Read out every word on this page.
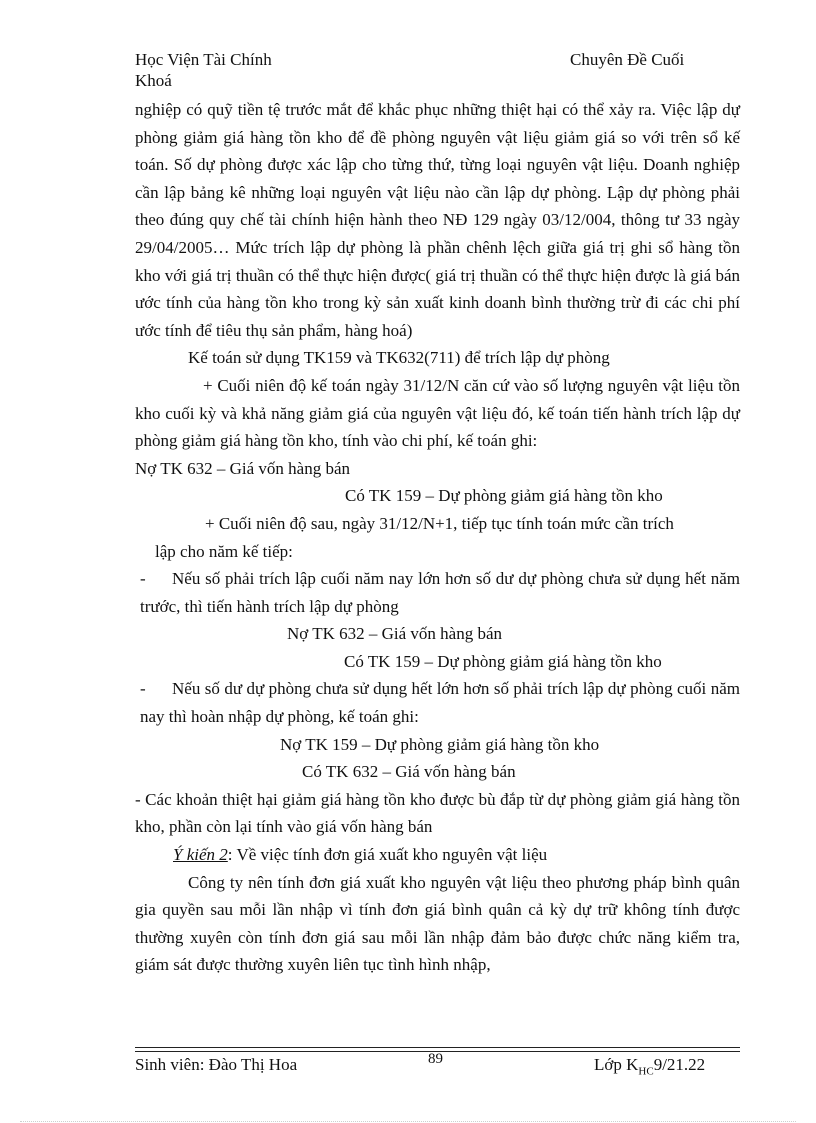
Học Viện Tài Chính
Khoá
Chuyên Đề Cuối

nghiệp có quỹ tiền tệ trước mắt để khắc phục những thiệt hại có thể xảy ra. Việc lập dự phòng giảm giá hàng tồn kho để đề phòng nguyên vật liệu giảm giá so với trên sổ kế toán. Số dự phòng được xác lập cho từng thứ, từng loại nguyên vật liệu. Doanh nghiệp cần lập bảng kê những loại nguyên vật liệu nào cần lập dự phòng. Lập dự phòng phải theo đúng quy chế tài chính hiện hành theo NĐ 129 ngày 03/12/004, thông tư 33 ngày 29/04/2005… Mức trích lập dự phòng là phần chênh lệch giữa giá trị ghi sổ hàng tồn kho với giá trị thuần có thể thực hiện được( giá trị thuần có thể thực hiện được là giá bán ước tính của hàng tồn kho trong kỳ sản xuất kinh doanh bình thường trừ đi các chi phí ước tính để tiêu thụ sản phẩm, hàng hoá)

Kế toán sử dụng TK159 và TK632(711) để trích lập dự phòng

+ Cuối niên độ kế toán ngày 31/12/N căn cứ vào số lượng nguyên vật liệu tồn kho cuối kỳ và khả năng giảm giá của nguyên vật liệu đó, kế toán tiến hành trích lập dự phòng giảm giá hàng tồn kho, tính vào chi phí, kế toán ghi:

Nợ TK 632 – Giá vốn hàng bán

Có TK 159 – Dự phòng giảm giá hàng tồn kho

+ Cuối niên độ sau, ngày 31/12/N+1, tiếp tục tính toán mức cần trích

lập cho năm kế tiếp:

- Nếu số phải trích lập cuối năm nay lớn hơn số dư dự phòng chưa sử dụng hết năm trước, thì tiến hành trích lập dự phòng

Nợ TK 632 – Giá vốn hàng bán

Có TK 159 – Dự phòng giảm giá hàng tồn kho

- Nếu số dư dự phòng chưa sử dụng hết lớn hơn số phải trích lập dự phòng cuối năm nay thì hoàn nhập dự phòng, kế toán ghi:

Nợ TK 159 – Dự phòng giảm giá hàng tồn kho

Có TK 632 – Giá vốn hàng bán

- Các khoản thiệt hại giảm giá hàng tồn kho được bù đắp từ dự phòng giảm giá hàng tồn kho, phần còn lại tính vào giá vốn hàng bán

Ý kiến 2: Về việc tính đơn giá xuất kho nguyên vật liệu

Công ty nên tính đơn giá xuất kho nguyên vật liệu theo phương pháp bình quân gia quyền sau mỗi lần nhập vì tính đơn giá bình quân cả kỳ dự trữ không tính được thường xuyên còn tính đơn giá sau mỗi lần nhập đảm bảo được chức năng kiểm tra, giám sát được thường xuyên liên tục tình hình nhập,

Sinh viên: Đào Thị Hoa	89	Lớp $K_{HC}9/21.22$
